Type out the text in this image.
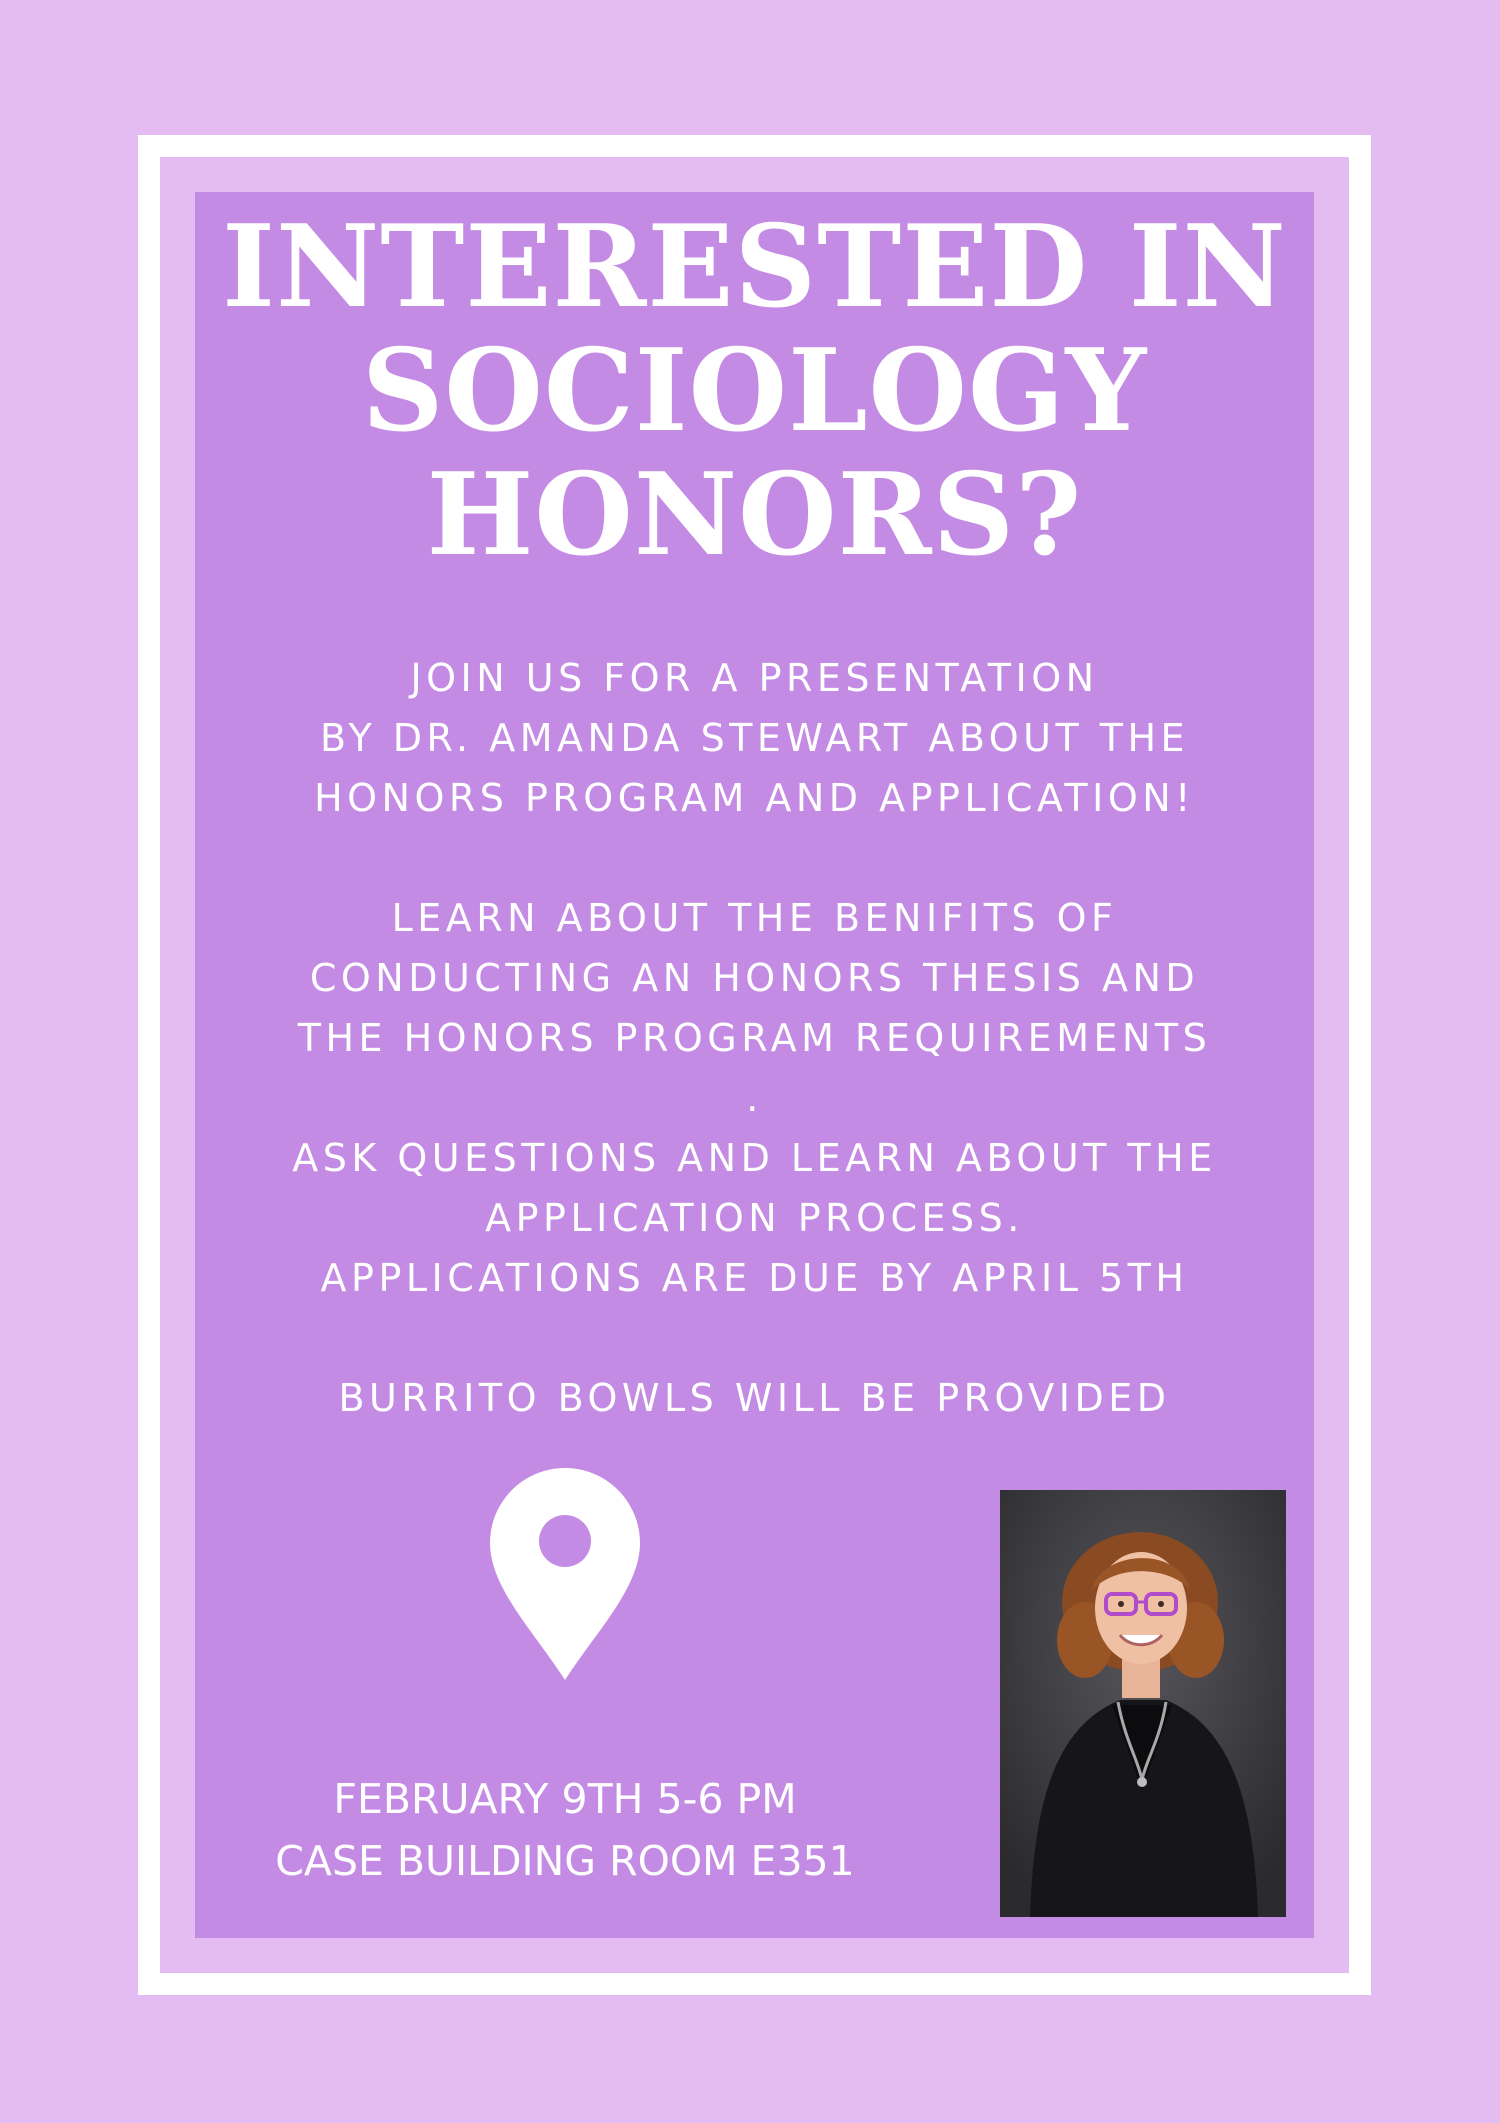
INTERESTED IN
SOCIOLOGY
HONORS?
JOIN US FOR A PRESENTATION
BY DR. AMANDA STEWART ABOUT THE
HONORS PROGRAM AND APPLICATION!
LEARN ABOUT THE BENIFITS OF
CONDUCTING AN HONORS THESIS AND
THE HONORS PROGRAM REQUIREMENTS
.
ASK QUESTIONS AND LEARN ABOUT THE
APPLICATION PROCESS.
APPLICATIONS ARE DUE BY APRIL 5TH
BURRITO BOWLS WILL BE PROVIDED
FEBRUARY 9TH 5-6 PM
CASE BUILDING ROOM E351
